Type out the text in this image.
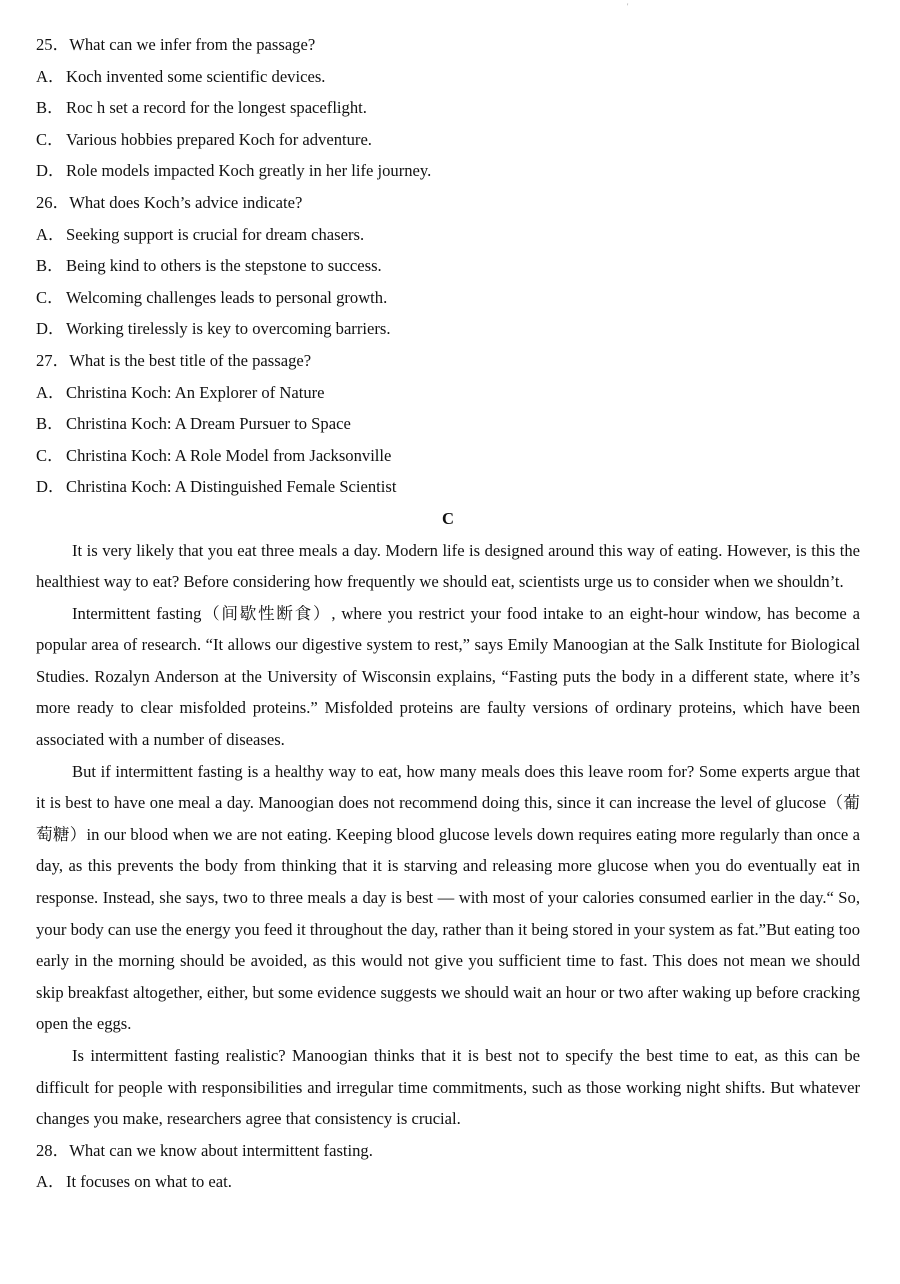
'
25．What can we infer from the passage?
A．Koch invented some scientific devices.
B． Roc h set a record for the longest spaceflight.
C． Various hobbies prepared Koch for adventure.
D．Role models impacted Koch greatly in her life journey.
26．What does Koch’s advice indicate?
A．Seeking support is crucial for dream chasers.
B． Being kind to others is the stepstone to success.
C． Welcoming challenges leads to personal growth.
D．Working tirelessly is key to overcoming barriers.
27．What is the best title of the passage?
A．Christina Koch: An Explorer of Nature
B． Christina Koch: A Dream Pursuer to Space
C． Christina Koch: A Role Model from Jacksonville
D．Christina Koch: A Distinguished Female Scientist
C

It is very likely that you eat three meals a day. Modern life is designed around this way of eating. However, is this the healthiest way to eat? Before considering how frequently we should eat, scientists urge us to consider when we shouldn’t.

Intermittent fasting（间歇性断食）, where you restrict your food intake to an eight-hour window, has become a popular area of research. “It allows our digestive system to rest,” says Emily Manoogian at the Salk Institute for Biological Studies. Rozalyn Anderson at the University of Wisconsin explains, “Fasting puts the body in a different state, where it’s more ready to clear misfolded proteins.” Misfolded proteins are faulty versions of ordinary proteins, which have been associated with a number of diseases.

But if intermittent fasting is a healthy way to eat, how many meals does this leave room for? Some experts argue that it is best to have one meal a day. Manoogian does not recommend doing this, since it can increase the level of glucose（葡萄糖）in our blood when we are not eating. Keeping blood glucose levels down requires eating more regularly than once a day, as this prevents the body from thinking that it is starving and releasing more glucose when you do eventually eat in response. Instead, she says, two to three meals a day is best — with most of your calories consumed earlier in the day.“ So, your body can use the energy you feed it throughout the day, rather than it being stored in your system as fat.”But eating too early in the morning should be avoided, as this would not give you sufficient time to fast. This does not mean we should skip breakfast altogether, either, but some evidence suggests we should wait an hour or two after waking up before cracking open the eggs.

Is intermittent fasting realistic? Manoogian thinks that it is best not to specify the best time to eat, as this can be difficult for people with responsibilities and irregular time commitments, such as those working night shifts. But whatever changes you make, researchers agree that consistency is crucial.

28．What can we know about intermittent fasting.
A．It focuses on what to eat.
